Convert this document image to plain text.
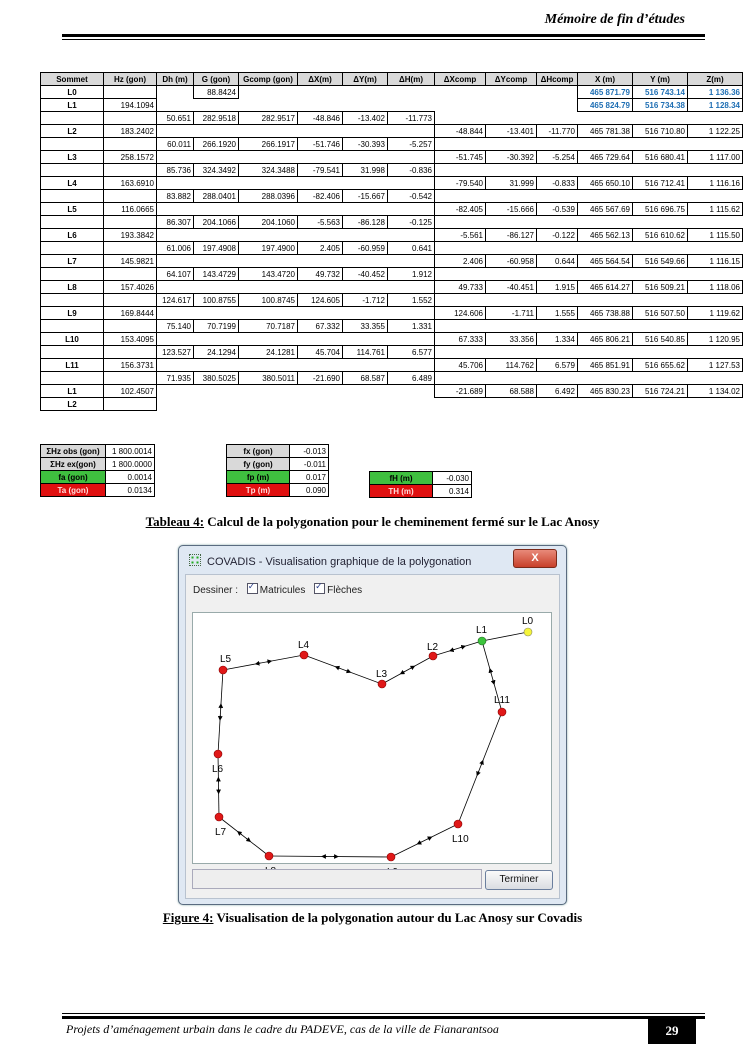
Mémoire de fin d’études
Sommet	Hz (gon)	Dh (m)	G (gon)	Gcomp (gon)	ΔX(m)	ΔY(m)	ΔH(m)	ΔXcomp	ΔYcomp	ΔHcomp	X (m)	Y (m)	Z(m)
L0			88.8424								465 871.79	516 743.14	1 136.36
L1	194.1094										465 824.79	516 734.38	1 128.34
		50.651	282.9518	282.9517	-48.846	-13.402	-11.773						
L2	183.2402							-48.844	-13.401	-11.770	465 781.38	516 710.80	1 122.25
		60.011	266.1920	266.1917	-51.746	-30.393	-5.257						
L3	258.1572							-51.745	-30.392	-5.254	465 729.64	516 680.41	1 117.00
		85.736	324.3492	324.3488	-79.541	31.998	-0.836						
L4	163.6910							-79.540	31.999	-0.833	465 650.10	516 712.41	1 116.16
		83.882	288.0401	288.0396	-82.406	-15.667	-0.542						
L5	116.0665							-82.405	-15.666	-0.539	465 567.69	516 696.75	1 115.62
		86.307	204.1066	204.1060	-5.563	-86.128	-0.125						
L6	193.3842							-5.561	-86.127	-0.122	465 562.13	516 610.62	1 115.50
		61.006	197.4908	197.4900	2.405	-60.959	0.641						
L7	145.9821							2.406	-60.958	0.644	465 564.54	516 549.66	1 116.15
		64.107	143.4729	143.4720	49.732	-40.452	1.912						
L8	157.4026							49.733	-40.451	1.915	465 614.27	516 509.21	1 118.06
		124.617	100.8755	100.8745	124.605	-1.712	1.552						
L9	169.8444							124.606	-1.711	1.555	465 738.88	516 507.50	1 119.62
		75.140	70.7199	70.7187	67.332	33.355	1.331						
L10	153.4095							67.333	33.356	1.334	465 806.21	516 540.85	1 120.95
		123.527	24.1294	24.1281	45.704	114.761	6.577						
L11	156.3731							45.706	114.762	6.579	465 851.91	516 655.62	1 127.53
		71.935	380.5025	380.5011	-21.690	68.587	6.489						
L1	102.4507							-21.689	68.588	6.492	465 830.23	516 724.21	1 134.02
L2													
ΣHz obs (gon)	1 800.0014
ΣHz ex(gon)	1 800.0000
fa (gon)	0.0014
Ta (gon)	0.0134
fx (gon)	-0.013
fy (gon)	-0.011
fp (m)	0.017
Tp (m)	0.090
fH (m)	-0.030
TH (m)	0.314
Tableau 4: Calcul de la polygonation pour le cheminement fermé sur le Lac Anosy
COVADIS - Visualisation graphique de la polygonation	X
Dessiner : ✓ Matricules ✓ Flèches
L0
L1
L2
L3
L4
L5
L6
L7
L10
L11
Terminer
Figure 4: Visualisation de la polygonation autour du Lac Anosy sur Covadis
Projets d’aménagement urbain dans le cadre du PADEVE, cas de la ville de Fianarantsoa	29
